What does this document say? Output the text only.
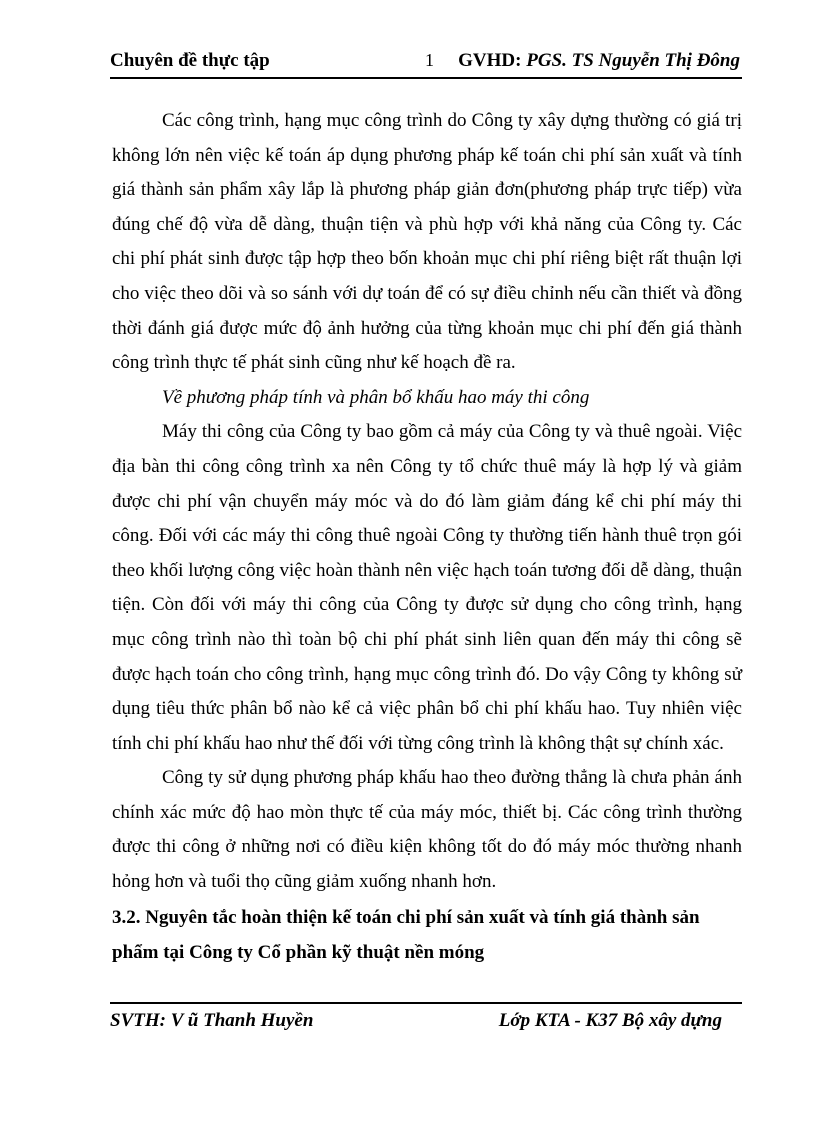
Chuyên đề thực tập	1 GVHD: PGS. TS Nguyễn Thị Đông

Các công trình, hạng mục công trình do Công ty xây dựng thường có giá trị không lớn nên việc kế toán áp dụng phương pháp kế toán chi phí sản xuất và tính giá thành sản phẩm xây lắp là phương pháp giản đơn(phương pháp trực tiếp) vừa đúng chế độ vừa dễ dàng, thuận tiện và phù hợp với khả năng của Công ty. Các chi phí phát sinh được tập hợp theo bốn khoản mục chi phí riêng biệt rất thuận lợi cho việc theo dõi và so sánh với dự toán để có sự điều chỉnh nếu cần thiết và đồng thời đánh giá được mức độ ảnh hưởng của từng khoản mục chi phí đến giá thành công trình thực tế phát sinh cũng như kế hoạch đề ra.

Về phương pháp tính và phân bổ khấu hao máy thi công

Máy thi công của Công ty bao gồm cả máy của Công ty và thuê ngoài. Việc địa bàn thi công công trình xa nên Công ty tổ chức thuê máy là hợp lý và giảm được chi phí vận chuyển máy móc và do đó làm giảm đáng kể chi phí máy thi công. Đối với các máy thi công thuê ngoài Công ty thường tiến hành thuê trọn gói theo khối lượng công việc hoàn thành nên việc hạch toán tương đối dễ dàng, thuận tiện. Còn đối với máy thi công của Công ty được sử dụng cho công trình, hạng mục công trình nào thì toàn bộ chi phí phát sinh liên quan đến máy thi công sẽ được hạch toán cho công trình, hạng mục công trình đó. Do vậy Công ty không sử dụng tiêu thức phân bổ nào kể cả việc phân bổ chi phí khấu hao. Tuy nhiên việc tính chi phí khấu hao như thế đối với từng công trình là không thật sự chính xác.

Công ty sử dụng phương pháp khấu hao theo đường thẳng là chưa phản ánh chính xác mức độ hao mòn thực tế của máy móc, thiết bị. Các công trình thường được thi công ở những nơi có điều kiện không tốt do đó máy móc thường nhanh hỏng hơn và tuổi thọ cũng giảm xuống nhanh hơn.

3.2. Nguyên tắc hoàn thiện kế toán chi phí sản xuất và tính giá thành sản phẩm tại Công ty Cổ phần kỹ thuật nền móng
SVTH: V ũ Thanh Huyền	Lớp KTA - K37 Bộ xây dựng
